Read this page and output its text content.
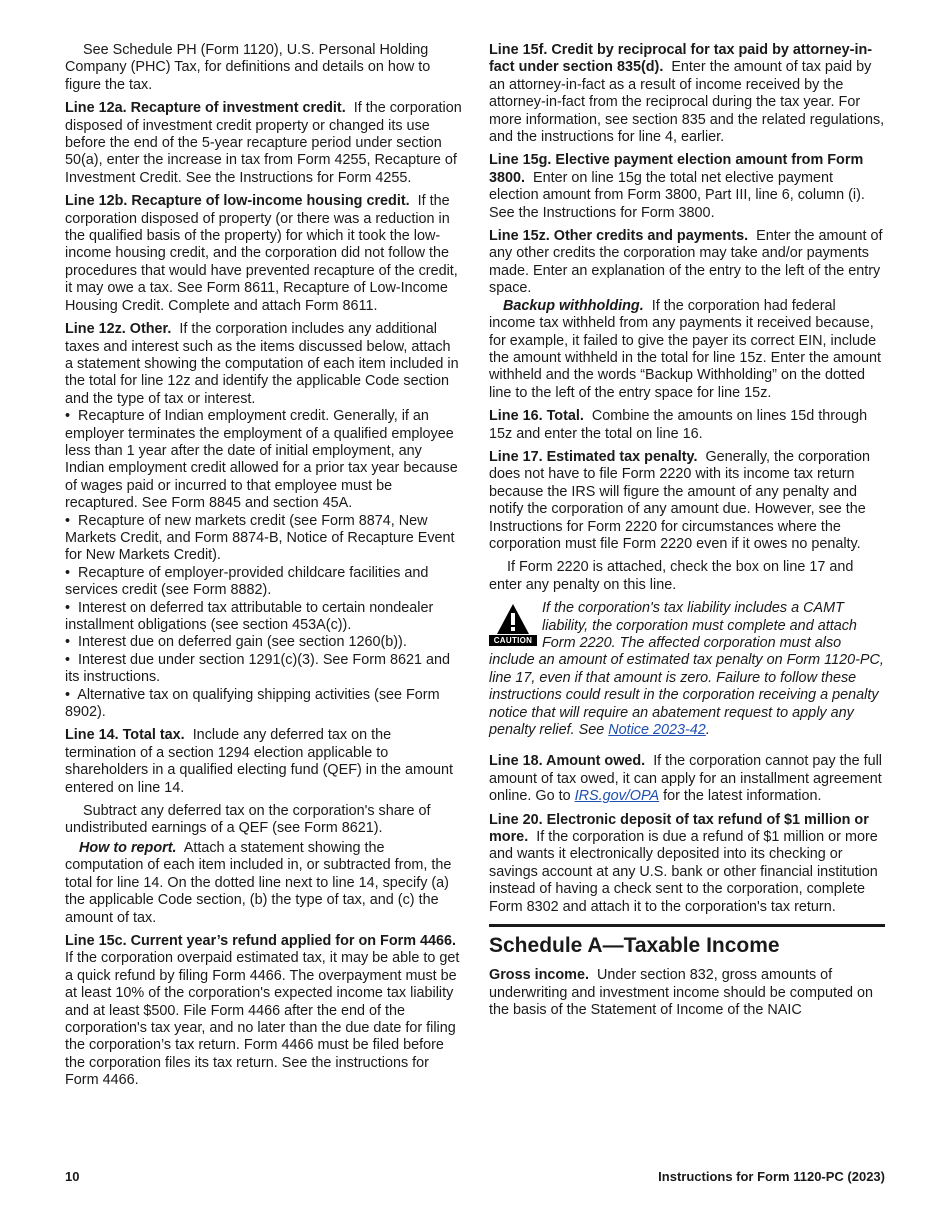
See Schedule PH (Form 1120), U.S. Personal Holding Company (PHC) Tax, for definitions and details on how to figure the tax.

Line 12a. Recapture of investment credit. If the corporation disposed of investment credit property or changed its use before the end of the 5-year recapture period under section 50(a), enter the increase in tax from Form 4255, Recapture of Investment Credit. See the Instructions for Form 4255.

Line 12b. Recapture of low-income housing credit. If the corporation disposed of property (or there was a reduction in the qualified basis of the property) for which it took the low-income housing credit, and the corporation did not follow the procedures that would have prevented recapture of the credit, it may owe a tax. See Form 8611, Recapture of Low-Income Housing Credit. Complete and attach Form 8611.

Line 12z. Other. If the corporation includes any additional taxes and interest such as the items discussed below, attach a statement showing the computation of each item included in the total for line 12z and identify the applicable Code section and the type of tax or interest.

• Recapture of Indian employment credit. Generally, if an employer terminates the employment of a qualified employee less than 1 year after the date of initial employment, any Indian employment credit allowed for a prior tax year because of wages paid or incurred to that employee must be recaptured. See Form 8845 and section 45A.
• Recapture of new markets credit (see Form 8874, New Markets Credit, and Form 8874-B, Notice of Recapture Event for New Markets Credit).
• Recapture of employer-provided childcare facilities and services credit (see Form 8882).
• Interest on deferred tax attributable to certain nondealer installment obligations (see section 453A(c)).
• Interest due on deferred gain (see section 1260(b)).
• Interest due under section 1291(c)(3). See Form 8621 and its instructions.
• Alternative tax on qualifying shipping activities (see Form 8902).

Line 14. Total tax. Include any deferred tax on the termination of a section 1294 election applicable to shareholders in a qualified electing fund (QEF) in the amount entered on line 14.

Subtract any deferred tax on the corporation's share of undistributed earnings of a QEF (see Form 8621).

How to report. Attach a statement showing the computation of each item included in, or subtracted from, the total for line 14. On the dotted line next to line 14, specify (a) the applicable Code section, (b) the type of tax, and (c) the amount of tax.

Line 15c. Current year’s refund applied for on Form 4466.  If the corporation overpaid estimated tax, it may be able to get a quick refund by filing Form 4466. The overpayment must be at least 10% of the corporation's expected income tax liability and at least $500. File Form 4466 after the end of the corporation's tax year, and no later than the due date for filing the corporation’s tax return. Form 4466 must be filed before the corporation files its tax return. See the instructions for Form 4466.

Line 15f. Credit by reciprocal for tax paid by attorney-in-fact under section 835(d). Enter the amount of tax paid by an attorney-in-fact as a result of income received by the attorney-in-fact from the reciprocal during the tax year. For more information, see section 835 and the related regulations, and the instructions for line 4, earlier.

Line 15g. Elective payment election amount from Form 3800. Enter on line 15g the total net elective payment election amount from Form 3800, Part III, line 6, column (i). See the Instructions for Form 3800.

Line 15z. Other credits and payments. Enter the amount of any other credits the corporation may take and/or payments made. Enter an explanation of the entry to the left of the entry space.

Backup withholding. If the corporation had federal income tax withheld from any payments it received because, for example, it failed to give the payer its correct EIN, include the amount withheld in the total for line 15z. Enter the amount withheld and the words “Backup Withholding” on the dotted line to the left of the entry space for line 15z.

Line 16. Total. Combine the amounts on lines 15d through 15z and enter the total on line 16.

Line 17. Estimated tax penalty. Generally, the corporation does not have to file Form 2220 with its income tax return because the IRS will figure the amount of any penalty and notify the corporation of any amount due. However, see the Instructions for Form 2220 for circumstances where the corporation must file Form 2220 even if it owes no penalty.

If Form 2220 is attached, check the box on line 17 and enter any penalty on this line.

CAUTION
If the corporation's tax liability includes a CAMT liability, the corporation must complete and attach Form 2220. The affected corporation must also include an amount of estimated tax penalty on Form 1120-PC, line 17, even if that amount is zero. Failure to follow these instructions could result in the corporation receiving a penalty notice that will require an abatement request to apply any penalty relief. See Notice 2023-42.

Line 18. Amount owed. If the corporation cannot pay the full amount of tax owed, it can apply for an installment agreement online. Go to IRS.gov/OPA for the latest information.

Line 20. Electronic deposit of tax refund of $1 million or more. If the corporation is due a refund of $1 million or more and wants it electronically deposited into its checking or savings account at any U.S. bank or other financial institution instead of having a check sent to the corporation, complete Form 8302 and attach it to the corporation's tax return.

Schedule A—Taxable Income

Gross income. Under section 832, gross amounts of underwriting and investment income should be computed on the basis of the Statement of Income of the NAIC

10	Instructions for Form 1120-PC (2023)
